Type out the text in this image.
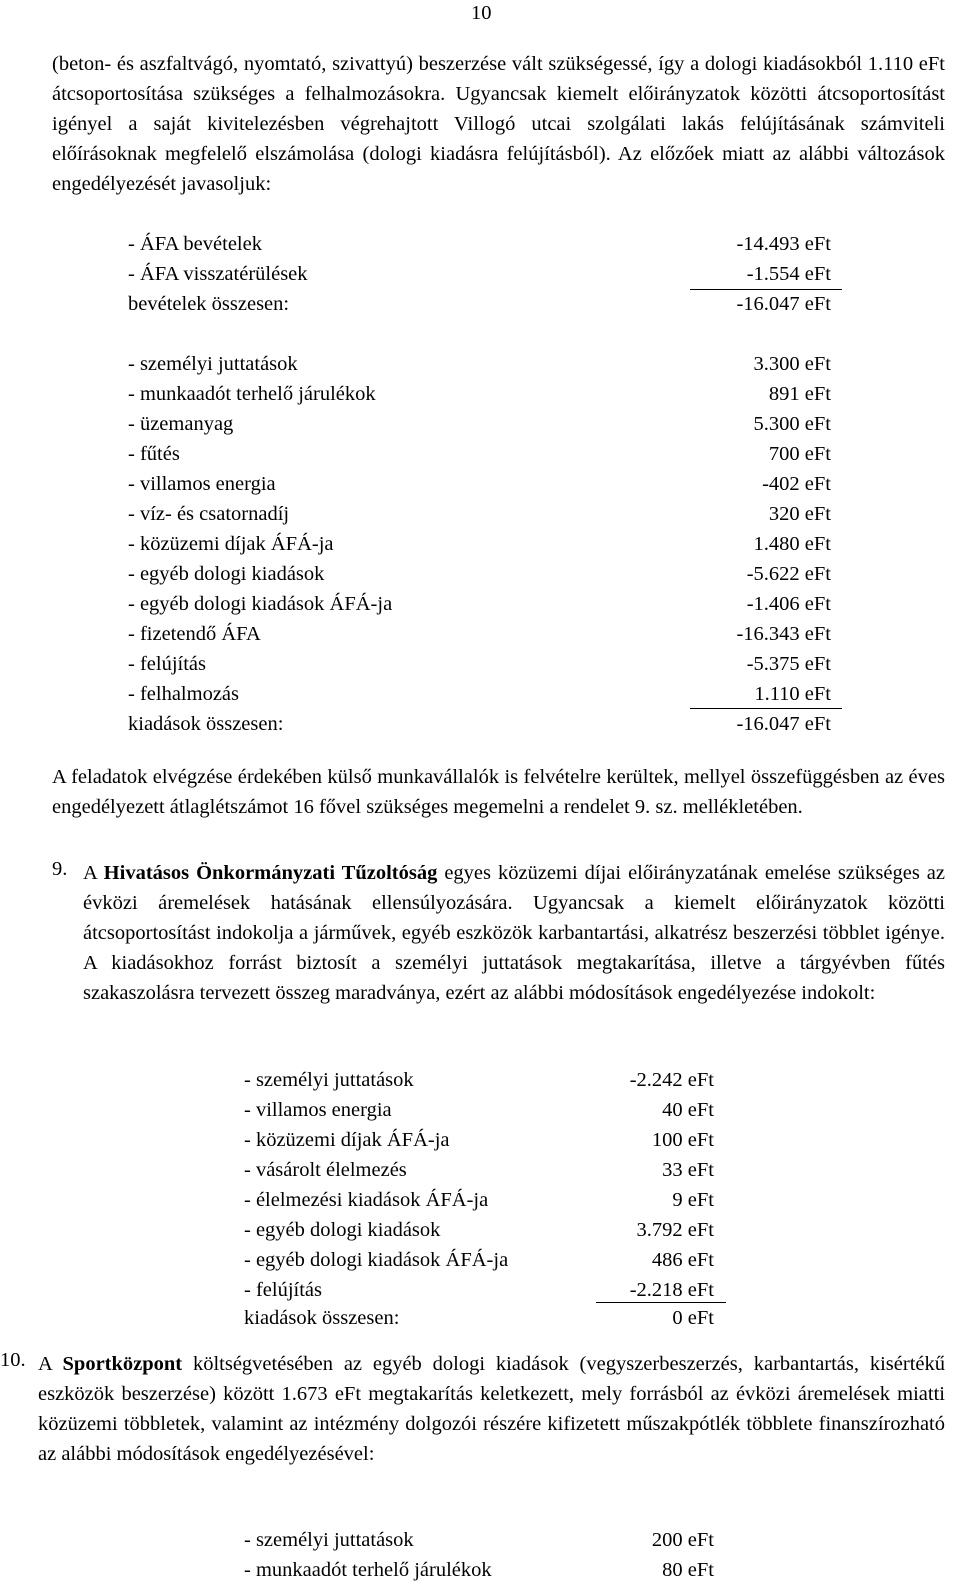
10

(beton- és aszfaltvágó, nyomtató, szivattyú) beszerzése vált szükségessé, így a dologi kiadásokból 1.110 eFt átcsoportosítása szükséges a felhalmozásokra. Ugyancsak kiemelt előirányzatok közötti átcsoportosítást igényel a saját kivitelezésben végrehajtott Villogó utcai szolgálati lakás felújításának számviteli előírásoknak megfelelő elszámolása (dologi kiadásra felújításból). Az előzőek miatt az alábbi változások engedélyezését javasoljuk:

- ÁFA bevételek	-14.493 eFt
- ÁFA visszatérülések	-1.554 eFt
bevételek összesen:	-16.047 eFt
- személyi juttatások	3.300 eFt
- munkaadót terhelő járulékok	891 eFt
- üzemanyag	5.300 eFt
- fűtés	700 eFt
- villamos energia	-402 eFt
- víz- és csatornadíj	320 eFt
- közüzemi díjak ÁFÁ-ja	1.480 eFt
- egyéb dologi kiadások	-5.622 eFt
- egyéb dologi kiadások ÁFÁ-ja	-1.406 eFt
- fizetendő ÁFA	-16.343 eFt
- felújítás	-5.375 eFt
- felhalmozás	1.110 eFt
kiadások összesen:	-16.047 eFt

A feladatok elvégzése érdekében külső munkavállalók is felvételre kerültek, mellyel összefüggésben az éves engedélyezett átlaglétszámot 16 fővel szükséges megemelni a rendelet 9. sz. mellékletében.

9. A Hivatásos Önkormányzati Tűzoltóság egyes közüzemi díjai előirányzatának emelése szükséges az évközi áremelések hatásának ellensúlyozására. Ugyancsak a kiemelt előirányzatok közötti átcsoportosítást indokolja a járművek, egyéb eszközök karbantartási, alkatrész beszerzési többlet igénye. A kiadásokhoz forrást biztosít a személyi juttatások megtakarítása, illetve a tárgyévben fűtés szakaszolásra tervezett összeg maradványa, ezért az alábbi módosítások engedélyezése indokolt:

- személyi juttatások	-2.242 eFt
- villamos energia	40 eFt
- közüzemi díjak ÁFÁ-ja	100 eFt
- vásárolt élelmezés	33 eFt
- élelmezési kiadások ÁFÁ-ja	9 eFt
- egyéb dologi kiadások	3.792 eFt
- egyéb dologi kiadások ÁFÁ-ja	486 eFt
- felújítás	-2.218 eFt
kiadások összesen:	0 eFt
10. A Sportközpont költségvetésében az egyéb dologi kiadások (vegyszerbeszerzés, karbantartás, kisértékű eszközök beszerzése) között 1.673 eFt megtakarítás keletkezett, mely forrásból az évközi áremelések miatti közüzemi többletek, valamint az intézmény dolgozói részére kifizetett műszakpótlék többlete finanszírozható az alábbi módosítások engedélyezésével:

- személyi juttatások	200 eFt
- munkaadót terhelő járulékok	80 eFt
